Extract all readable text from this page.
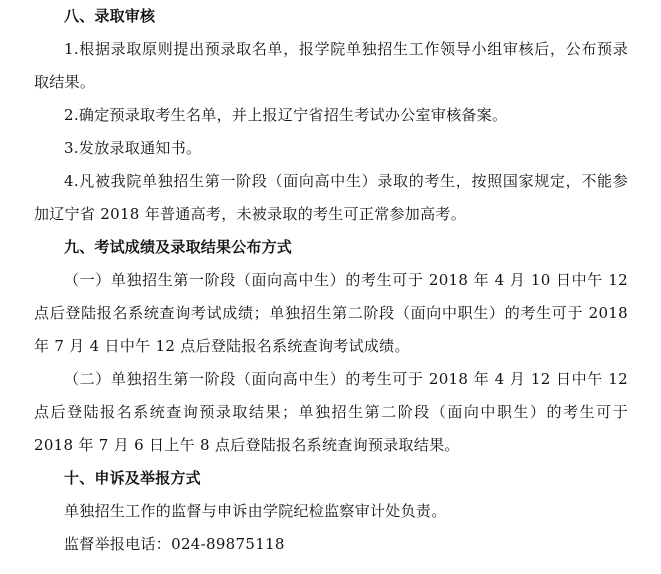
八、录取审核

1.根据录取原则提出预录取名单，报学院单独招生工作领导小组审核后，公布预录取结果。

2.确定预录取考生名单，并上报辽宁省招生考试办公室审核备案。

3.发放录取通知书。

4.凡被我院单独招生第一阶段（面向高中生）录取的考生，按照国家规定，不能参加辽宁省 2018 年普通高考，未被录取的考生可正常参加高考。

九、考试成绩及录取结果公布方式

（一）单独招生第一阶段（面向高中生）的考生可于 2018 年 4 月 10 日中午 12 点后登陆报名系统查询考试成绩；单独招生第二阶段（面向中职生）的考生可于 2018 年 7 月 4 日中午 12 点后登陆报名系统查询考试成绩。

（二）单独招生第一阶段（面向高中生）的考生可于 2018 年 4 月 12 日中午 12 点后登陆报名系统查询预录取结果；单独招生第二阶段（面向中职生）的考生可于 2018 年 7 月 6 日上午 8 点后登陆报名系统查询预录取结果。

十、申诉及举报方式

单独招生工作的监督与申诉由学院纪检监察审计处负责。

监督举报电话：024-89875118
